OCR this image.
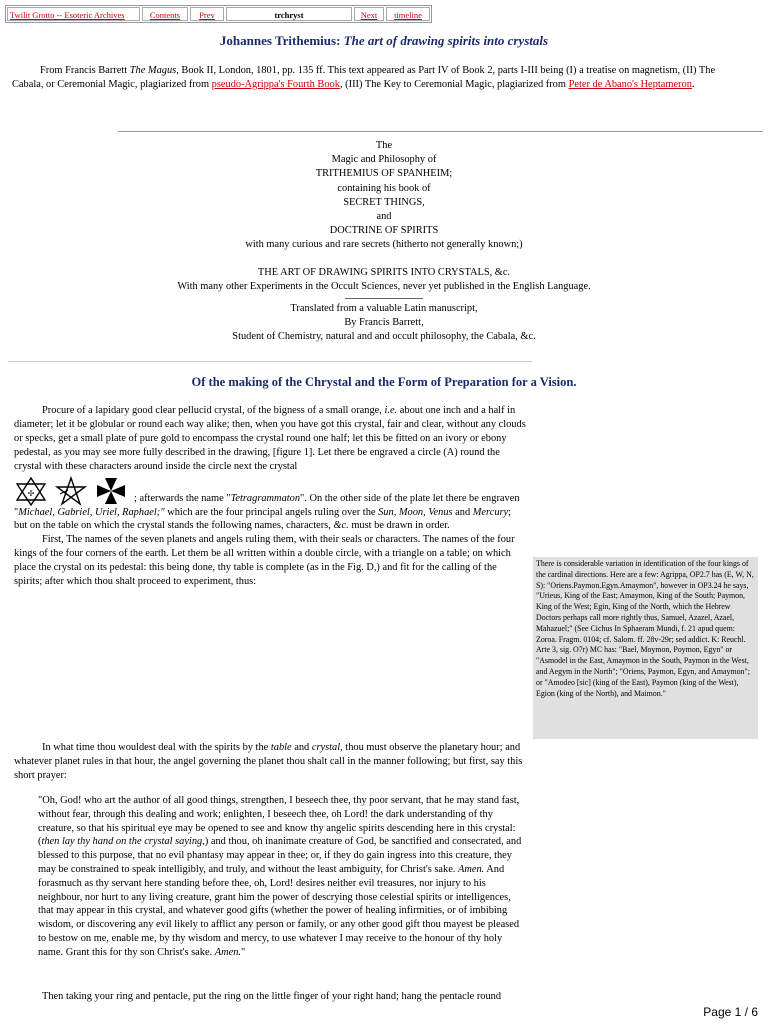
Twilit Grotto -- Esoteric Archives	Contents	Prev	trchryst	Next	timeline
Johannes Trithemius: The art of drawing spirits into crystals
From Francis Barrett The Magus, Book II, London, 1801, pp. 135 ff. This text appeared as Part IV of Book 2, parts I-III being (I) a treatise on magnetism, (II) The Cabala, or Ceremonial Magic, plagiarized from pseudo-Agrippa's Fourth Book, (III) The Key to Ceremonial Magic, plagiarized from Peter de Abano's Heptameron.
The
Magic and Philosophy of
TRITHEMIUS OF SPANHEIM;
containing his book of
SECRET THINGS,
and
DOCTRINE OF SPIRITS
with many curious and rare secrets (hitherto not generally known;)
THE ART OF DRAWING SPIRITS INTO CRYSTALS, &c.
With many other Experiments in the Occult Sciences, never yet published in the English Language.
Translated from a valuable Latin manuscript,
By Francis Barrett,
Student of Chemistry, natural and and occult philosophy, the Cabala, &c.
Of the making of the Chrystal and the Form of Preparation for a Vision.

Procure of a lapidary good clear pellucid crystal, of the bigness of a small orange, i.e. about one inch and a half in diameter; let it be globular or round each way alike; then, when you have got this crystal, fair and clear, without any clouds or specks, get a small plate of pure gold to encompass the crystal round one half; let this be fitted on an ivory or ebony pedestal, as you may see more fully described in the drawing, [figure 1]. Let there be engraved a circle (A) round the crystal with these characters around inside the circle next the crystal

✢	; afterwards the name "Tetragrammaton". On the other side of the plate let there be engraven "Michael, Gabriel, Uriel, Raphael;" which are the four principal angels ruling over the Sun, Moon, Venus and Mercury; but on the table on which the crystal stands the following names, characters, &c. must be drawn in order.

First, The names of the seven planets and angels ruling them, with their seals or characters. The names of the four kings of the four corners of the earth. Let them be all written within a double circle, with a triangle on a table; on which place the crystal on its pedestal: this being done, thy table is complete (as in the Fig. D,) and fit for the calling of the spirits; after which thou shalt proceed to experiment, thus:

There is considerable variation in identification of the four kings of the cardinal directions. Here are a few: Agrippa, OP2.7 has (E, W, N, S): "Oriens.Paymon.Egyn.Amaymon", however in OP3.24 he says, "Urieus, King of the East; Amaymon, King of the South; Paymon, King of the West; Egin, King of the North, which the Hebrew Doctors perhaps call more rightly thus, Samuel, Azazel, Azael, Mahazuel;" (See Cichus In Sphaeram Mundi, f. 21 apud quem: Zoroa. Fragm. 0104; cf. Salom. ff. 28v-29r; sed addict. K: Reuchl. Arte 3, sig. O7r) MC has: "Bael, Moymon, Poymon, Egyn" or "Asmodel in the East, Amaymon in the South, Paymon in the West, and Aegym in the North"; "Oriens, Paymon, Egyn, and Amaymon"; or "Amodeo [sic] (king of the East), Paymon (king of the West), Egion (king of the North), and Maimon."

In what time thou wouldest deal with the spirits by the table and crystal, thou must observe the planetary hour; and whatever planet rules in that hour, the angel governing the planet thou shalt call in the manner following; but first, say this short prayer:

"Oh, God! who art the author of all good things, strengthen, I beseech thee, thy poor servant, that he may stand fast, without fear, through this dealing and work; enlighten, I beseech thee, oh Lord! the dark understanding of thy creature, so that his spiritual eye may be opened to see and know thy angelic spirits descending here in this crystal: (then lay thy hand on the crystal saying,) and thou, oh inanimate creature of God, be sanctified and consecrated, and blessed to this purpose, that no evil phantasy may appear in thee; or, if they do gain ingress into this creature, they may be constrained to speak intelligibly, and truly, and without the least ambiguity, for Christ's sake. Amen. And forasmuch as thy servant here standing before thee, oh, Lord! desires neither evil treasures, nor injury to his neighbour, nor hurt to any living creature, grant him the power of descrying those celestial spirits or intelligences, that may appear in this crystal, and whatever good gifts (whether the power of healing infirmities, or of imbibing wisdom, or discovering any evil likely to afflict any person or family, or any other good gift thou mayest be pleased to bestow on me, enable me, by thy wisdom and mercy, to use whatever I may receive to the honour of thy holy name. Grant this for thy son Christ's sake. Amen."

Then taking your ring and pentacle, put the ring on the little finger of your right hand; hang the pentacle round

Page 1 / 6
